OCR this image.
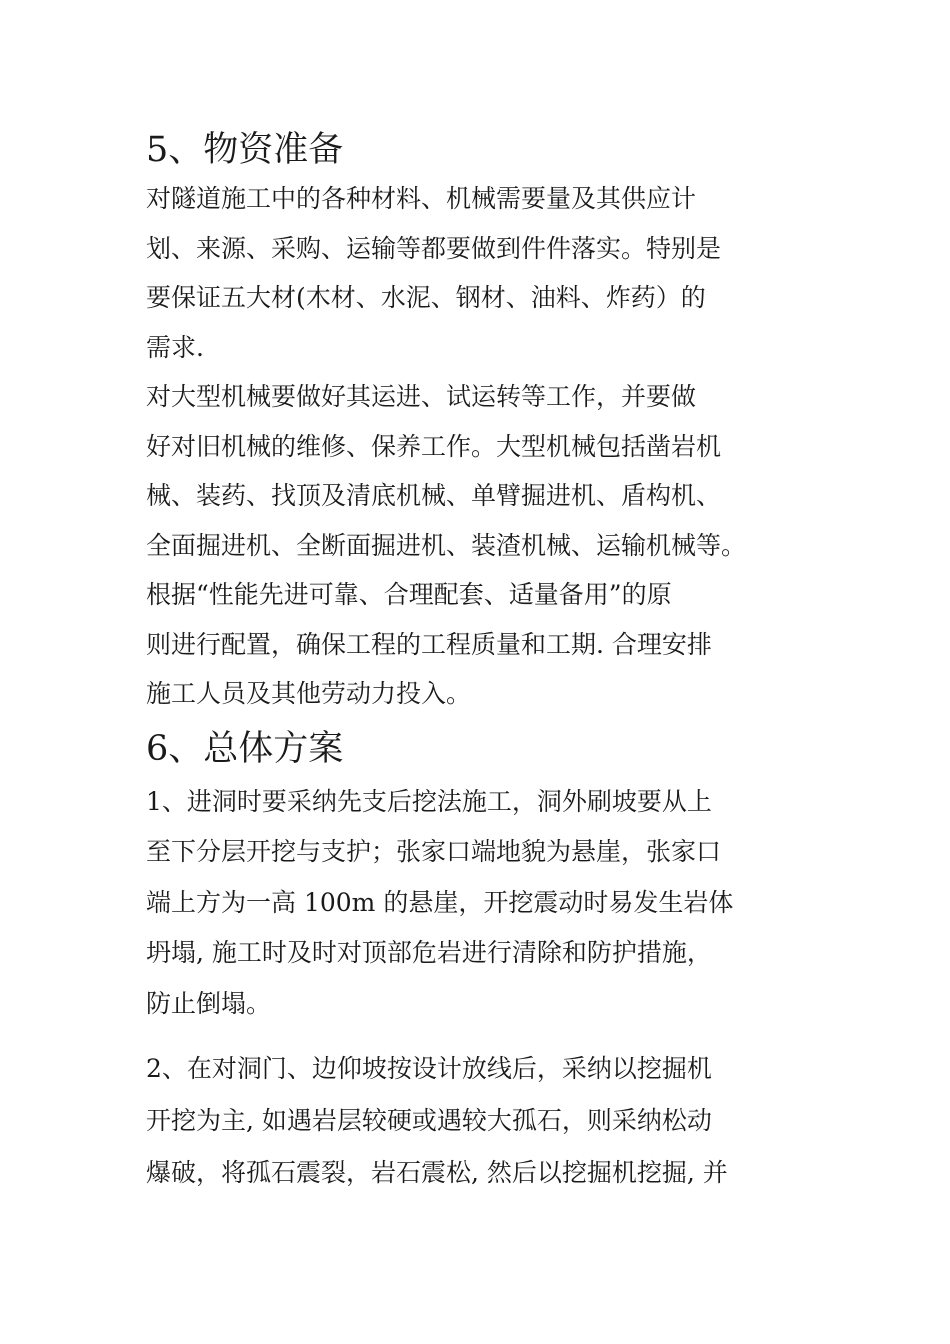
5、物资准备
对隧道施工中的各种材料、机械需要量及其供应计
划、来源、采购、运输等都要做到件件落实。特别是
要保证五大材(木材、水泥、钢材、油料、炸药）的
需求.
对大型机械要做好其运进、试运转等工作，并要做
好对旧机械的维修、保养工作。大型机械包括凿岩机
械、装药、找顶及清底机械、单臂掘进机、盾构机、
全面掘进机、全断面掘进机、装渣机械、运输机械等。
根据“性能先进可靠、合理配套、适量备用”的原
则进行配置，确保工程的工程质量和工期. 合理安排
施工人员及其他劳动力投入。
6、总体方案
1、进洞时要采纳先支后挖法施工，洞外刷坡要从上
至下分层开挖与支护；张家口端地貌为悬崖，张家口
端上方为一高 100m 的悬崖，开挖震动时易发生岩体
坍塌, 施工时及时对顶部危岩进行清除和防护措施，
防止倒塌。
2、在对洞门、边仰坡按设计放线后，采纳以挖掘机
开挖为主, 如遇岩层较硬或遇较大孤石，则采纳松动
爆破，将孤石震裂，岩石震松, 然后以挖掘机挖掘, 并
